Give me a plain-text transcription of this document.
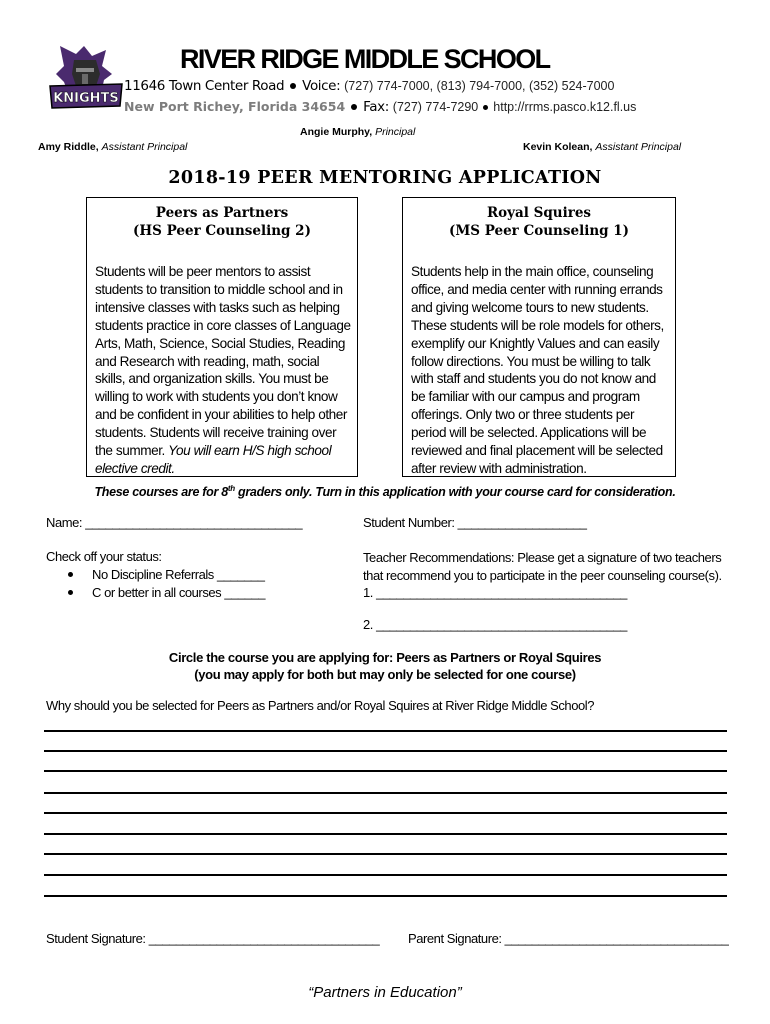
KNIGHTS
RIVER RIDGE MIDDLE SCHOOL
11646 Town Center Road Voice: (727) 774-7000, (813) 794-7000, (352) 524-7000
New Port Richey, Florida 34654 Fax: (727) 774-7290 http://rrms.pasco.k12.fl.us
Angie Murphy, Principal
Amy Riddle, Assistant Principal	Kevin Kolean, Assistant Principal
2018-19 PEER MENTORING APPLICATION
Peers as Partners
(HS Peer Counseling 2)
Students will be peer mentors to assist students to transition to middle school and in intensive classes with tasks such as helping students practice in core classes of Language Arts, Math, Science, Social Studies, Reading and Research with reading, math, social skills, and organization skills. You must be willing to work with students you don’t know and be confident in your abilities to help other students. Students will receive training over the summer. You will earn H/S high school elective credit.
Royal Squires
(MS Peer Counseling 1)
Students help in the main office, counseling office, and media center with running errands and giving welcome tours to new students. These students will be role models for others, exemplify our Knightly Values and can easily follow directions. You must be willing to talk with staff and students you do not know and be familiar with our campus and program offerings. Only two or three students per period will be selected. Applications will be reviewed and final placement will be selected after review with administration.
These courses are for 8th graders only. Turn in this application with your course card for consideration.
Name: ________________________________	Student Number: ___________________
Check off your status:
No Discipline Referrals _______
C or better in all courses ______
Teacher Recommendations: Please get a signature of two teachers that recommend you to participate in the peer counseling course(s).
1. _____________________________________
2. _____________________________________
Circle the course you are applying for: Peers as Partners or Royal Squires
(you may apply for both but may only be selected for one course)
Why should you be selected for Peers as Partners and/or Royal Squires at River Ridge Middle School?
Student Signature: __________________________________ Parent Signature: _________________________________
“Partners in Education”
